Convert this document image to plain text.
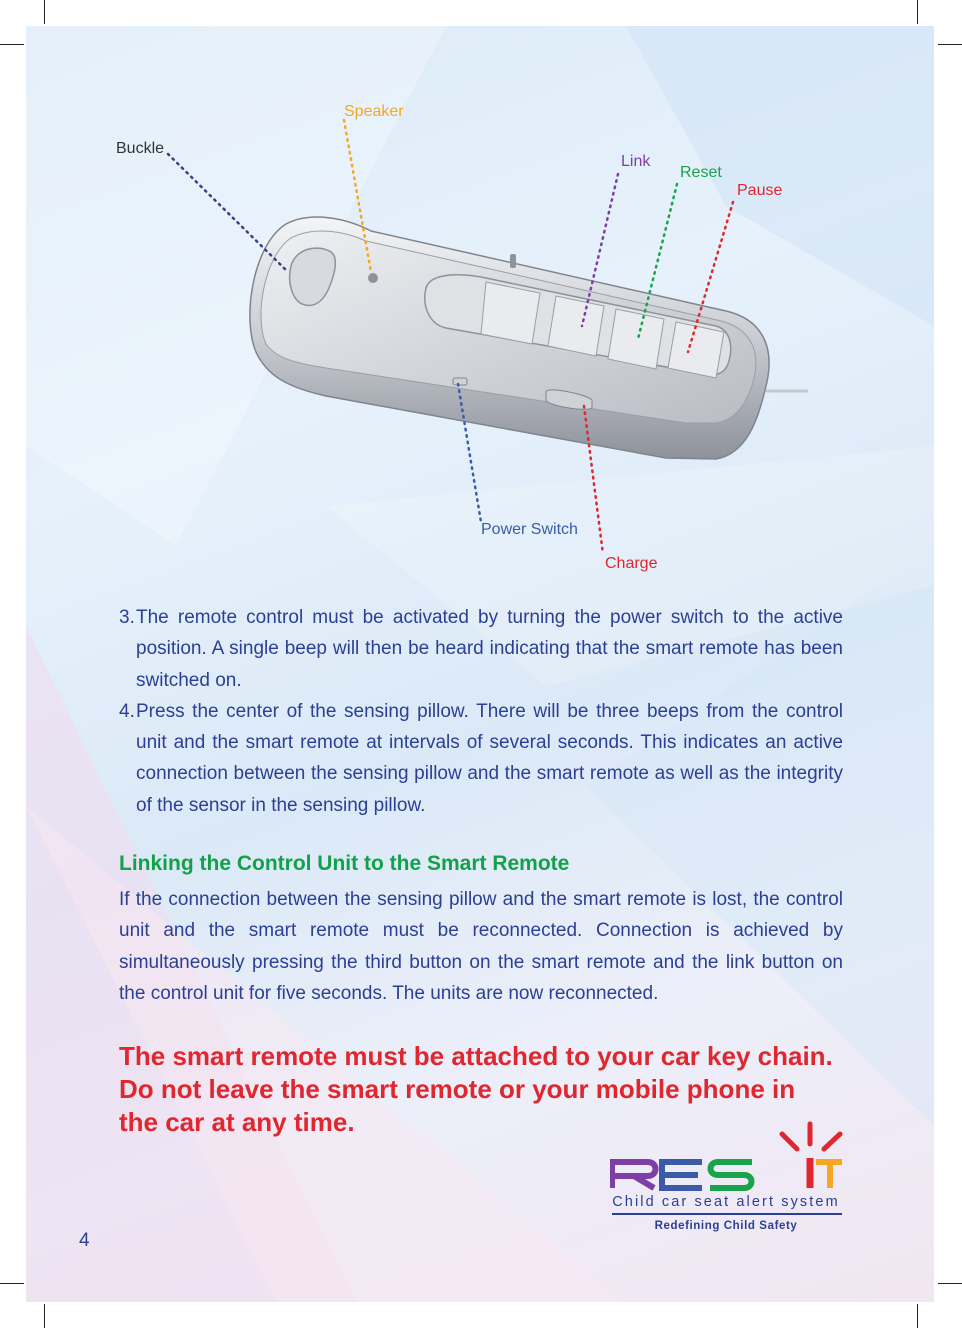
Speaker
Buckle
Link
Reset
Pause
Power Switch
Charge
3. The remote control must be activated by turning the power switch to the active position. A single beep will then be heard indicating that the smart remote has been switched on.
4. Press the center of the sensing pillow. There will be three beeps from the control unit and the smart remote at intervals of several seconds. This indicates an active connection between the sensing pillow and the smart remote as well as the integrity of the sensor in the sensing pillow.
Linking the Control Unit to the Smart Remote
If the connection between the sensing pillow and the smart remote is lost, the control unit and the smart remote must be reconnected. Connection is achieved by simultaneously pressing the third button on the smart remote and the link button on the control unit for five seconds. The units are now reconnected.
The smart remote must be attached to your car key chain. Do not leave the smart remote or your mobile phone in the car at any time.
Child car seat alert system
Redefining Child Safety
4
